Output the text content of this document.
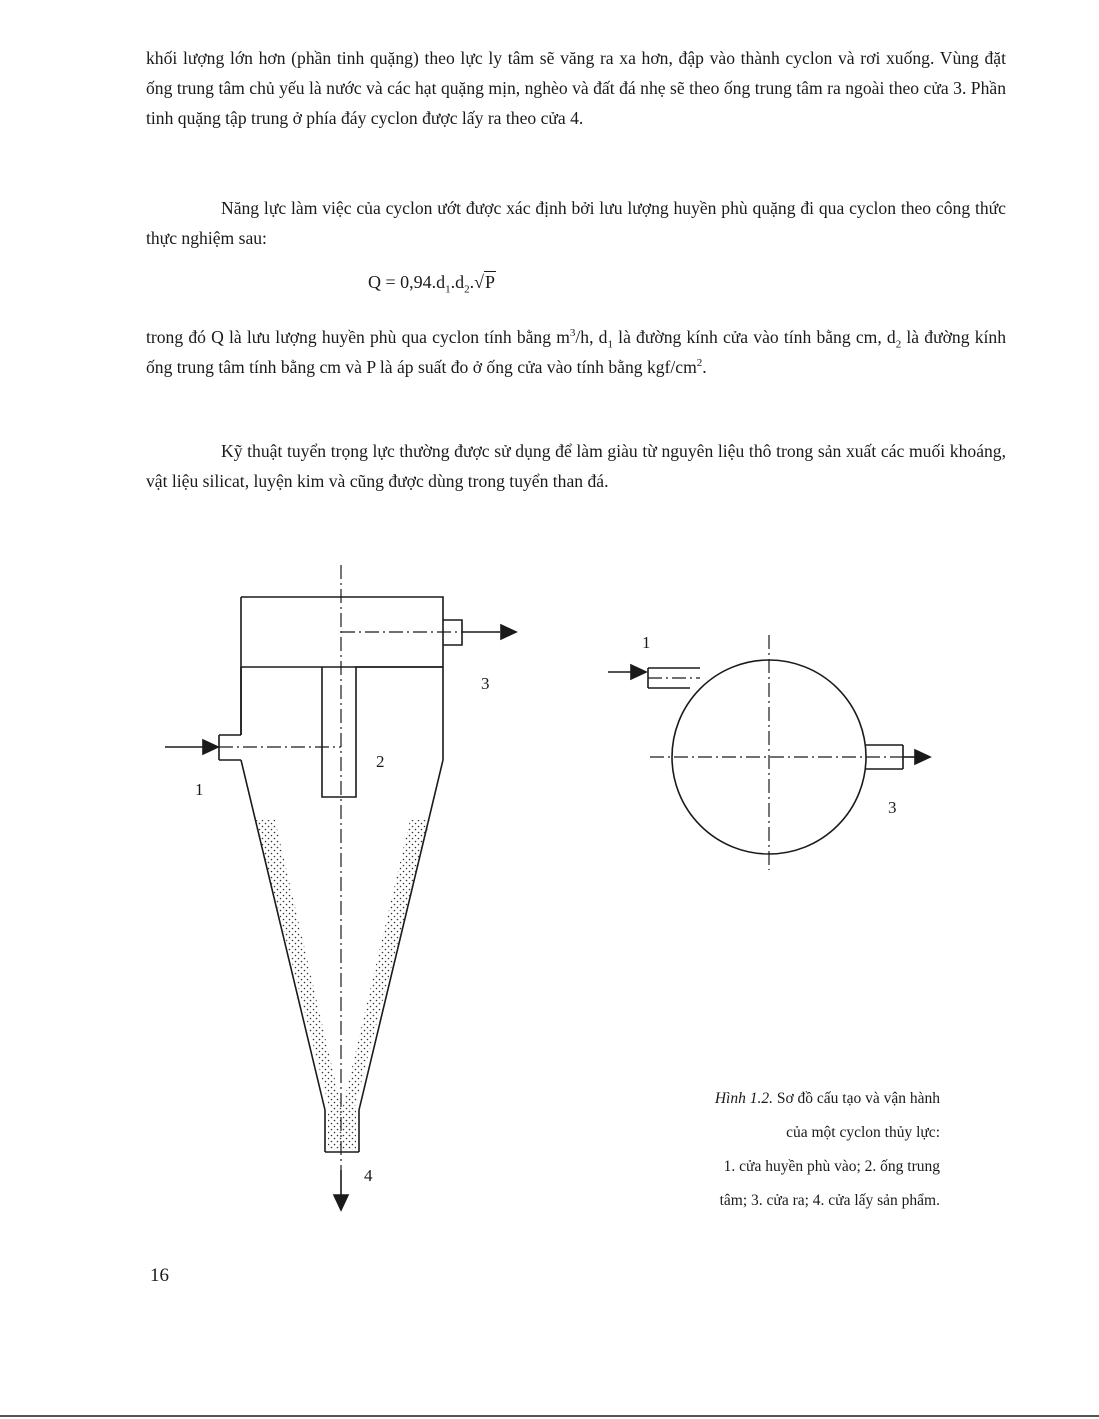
khối lượng lớn hơn (phần tinh quặng) theo lực ly tâm sẽ văng ra xa hơn, đập vào thành cyclon và rơi xuống. Vùng đặt ống trung tâm chủ yếu là nước và các hạt quặng mịn, nghèo và đất đá nhẹ sẽ theo ống trung tâm ra ngoài theo cửa 3. Phần tinh quặng tập trung ở phía đáy cyclon được lấy ra theo cửa 4.

Năng lực làm việc của cyclon ướt được xác định bởi lưu lượng huyền phù quặng đi qua cyclon theo công thức thực nghiệm sau:

$Q = 0,94.d_1.d_2.√P$

trong đó Q là lưu lượng huyền phù qua cyclon tính bằng $m^3/h$, $d_1$ là đường kính cửa vào tính bằng cm, $d_2$ là đường kính ống trung tâm tính bằng cm và P là áp suất đo ở ống cửa vào tính bằng kgf/$cm^2$.

Kỹ thuật tuyển trọng lực thường được sử dụng để làm giàu từ nguyên liệu thô trong sản xuất các muối khoáng, vật liệu silicat, luyện kim và cũng được dùng trong tuyển than đá.

1
2
3
4
1
3
Hình 1.2. Sơ đồ cấu tạo và vận hành
của một cyclon thủy lực:
1. cửa huyền phù vào; 2. ống trung
tâm; 3. cửa ra; 4. cửa lấy sản phẩm.
16
